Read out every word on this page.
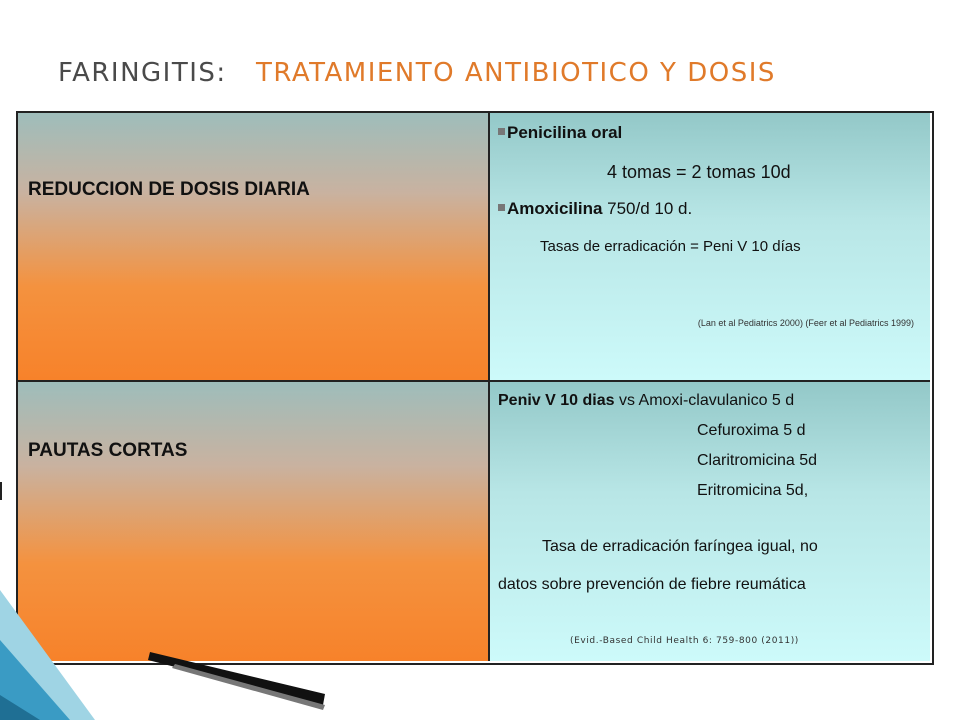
FARINGITIS: TRATAMIENTO ANTIBIOTICO Y DOSIS

REDUCCION DE DOSIS DIARIA

Penicilina oral
4 tomas = 2 tomas 10d
Amoxicilina 750/d 10 d.
Tasas de erradicación = Peni V 10 días
(Lan et al Pediatrics 2000) (Feer et al Pediatrics 1999)

PAUTAS CORTAS

Peniv V 10 dias vs Amoxi-clavulanico 5 d
Cefuroxima 5 d
Claritromicina 5d
Eritromicina 5d,
Tasa de erradicación faríngea igual, no
datos sobre prevención de fiebre reumática
(Evid.-Based Child Health 6: 759-800 (2011))
